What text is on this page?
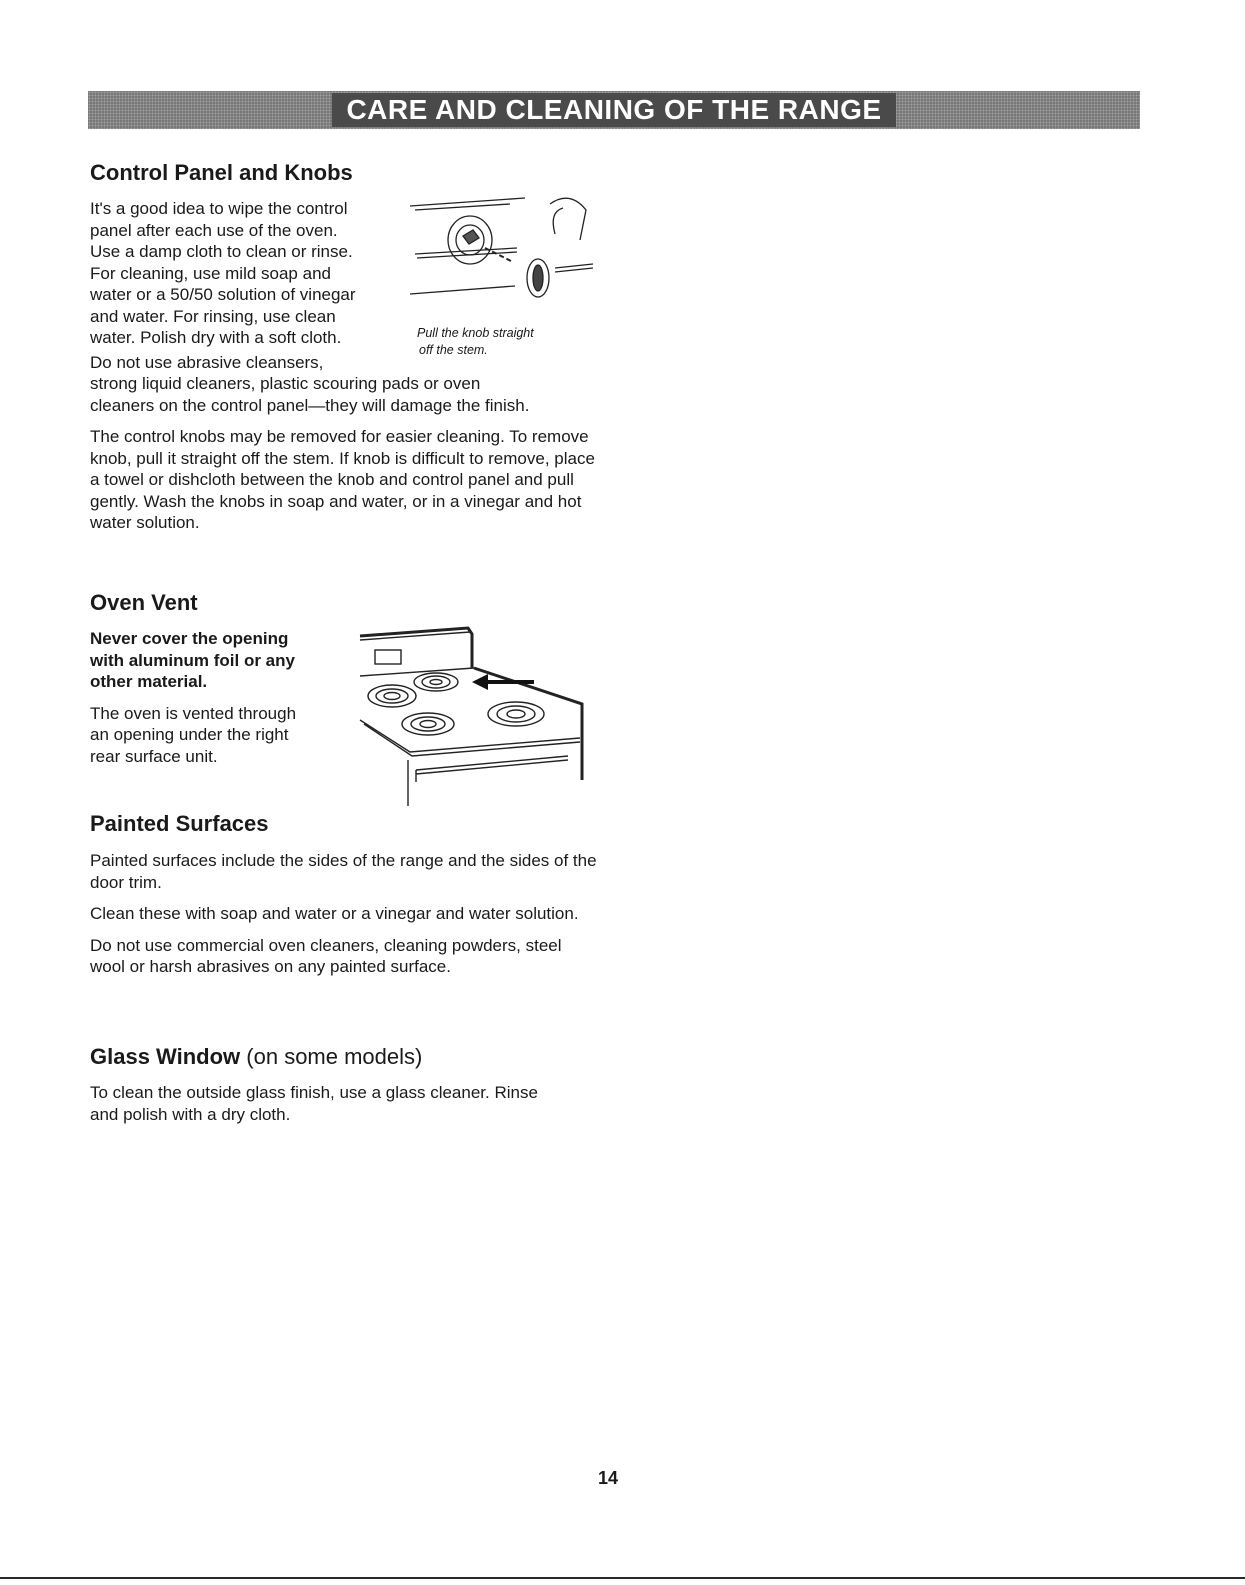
CARE AND CLEANING OF THE RANGE
Control Panel and Knobs

It's a good idea to wipe the control

panel after each use of the oven.

Use a damp cloth to clean or rinse.

For cleaning, use mild soap and

water or a 50/50 solution of vinegar

and water. For rinsing, use clean

water. Polish dry with a soft cloth.

Do not use abrasive cleansers,

strong liquid cleaners, plastic scouring pads or oven

cleaners on the control panel—they will damage the finish.

The control knobs may be removed for easier cleaning. To remove knob, pull it straight off the stem. If knob is difficult to remove, place a towel or dishcloth between the knob and control panel and pull gently. Wash the knobs in soap and water, or in a vinegar and hot water solution.

Pull the knob straight
off the stem.
Oven Vent

Never cover the opening

with aluminum foil or any

other material.

The oven is vented through

an opening under the right

rear surface unit.

Painted Surfaces

Painted surfaces include the sides of the range and the sides of the door trim.

Clean these with soap and water or a vinegar and water solution.

Do not use commercial oven cleaners, cleaning powders, steel wool or harsh abrasives on any painted surface.

Glass Window (on some models)

To clean the outside glass finish, use a glass cleaner. Rinse and polish with a dry cloth.

14
